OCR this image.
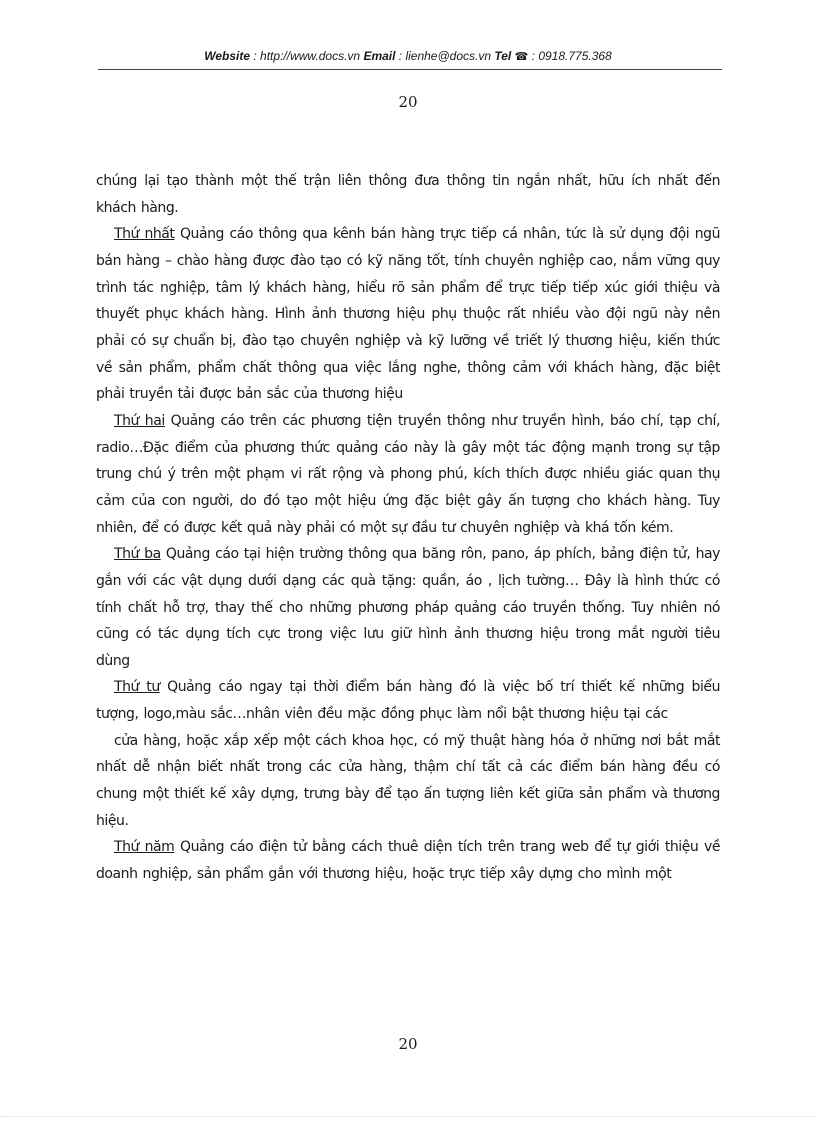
Website : http://www.docs.vn Email : lienhe@docs.vn Tel ☎ : 0918.775.368
20

chúng lại tạo thành một thế trận liên thông đưa thông tin ngắn nhất, hữu ích nhất đến khách hàng.

Thứ nhất Quảng cáo thông qua kênh bán hàng trực tiếp cá nhân, tức là sử dụng đội ngũ bán hàng – chào hàng được đào tạo có kỹ năng tốt, tính chuyên nghiệp cao, nắm vững quy trình tác nghiệp, tâm lý khách hàng, hiểu rõ sản phẩm để trực tiếp tiếp xúc giới thiệu và thuyết phục khách hàng. Hình ảnh thương hiệu phụ thuộc rất nhiều vào đội ngũ này nên phải có sự chuẩn bị, đào tạo chuyên nghiệp và kỹ lưỡng về triết lý thương hiệu, kiến thức về sản phẩm, phẩm chất thông qua việc lắng nghe, thông cảm với khách hàng, đặc biệt phải truyền tải được bản sắc của thương hiệu

Thứ hai Quảng cáo trên các phương tiện truyền thông như truyền hình, báo chí, tạp chí, radio…Đặc điểm của phương thức quảng cáo này là gây một tác động mạnh trong sự tập trung chú ý trên một phạm vi rất rộng và phong phú, kích thích được nhiều giác quan thụ cảm của con người, do đó tạo một hiệu ứng đặc biệt gây ấn tượng cho khách hàng. Tuy nhiên, để có được kết quả này phải có một sự đầu tư chuyên nghiệp và khá tốn kém.

Thứ ba Quảng cáo tại hiện trường thông qua băng rôn, pano, áp phích, bảng điện tử, hay gắn với các vật dụng dưới dạng các quà tặng: quần, áo , lịch tường… Đây là hình thức có tính chất hỗ trợ, thay thế cho những phương pháp quảng cáo truyền thống. Tuy nhiên nó cũng có tác dụng tích cực trong việc lưu giữ hình ảnh thương hiệu trong mắt người tiêu dùng

Thứ tư Quảng cáo ngay tại thời điểm bán hàng đó là việc bố trí thiết kế những biểu tượng, logo,màu sắc…nhân viên đều mặc đồng phục làm nổi bật thương hiệu tại các

cửa hàng, hoặc xắp xếp một cách khoa học, có mỹ thuật hàng hóa ở những nơi bắt mắt nhất dễ nhận biết nhất trong các cửa hàng, thậm chí tất cả các điểm bán hàng đều có chung một thiết kế xây dựng, trưng bày để tạo ấn tượng liên kết giữa sản phẩm và thương hiệu.

Thứ năm Quảng cáo điện tử bằng cách thuê diện tích trên trang web để tự giới thiệu về doanh nghiệp, sản phẩm gắn với thương hiệu, hoặc trực tiếp xây dựng cho mình một

20
